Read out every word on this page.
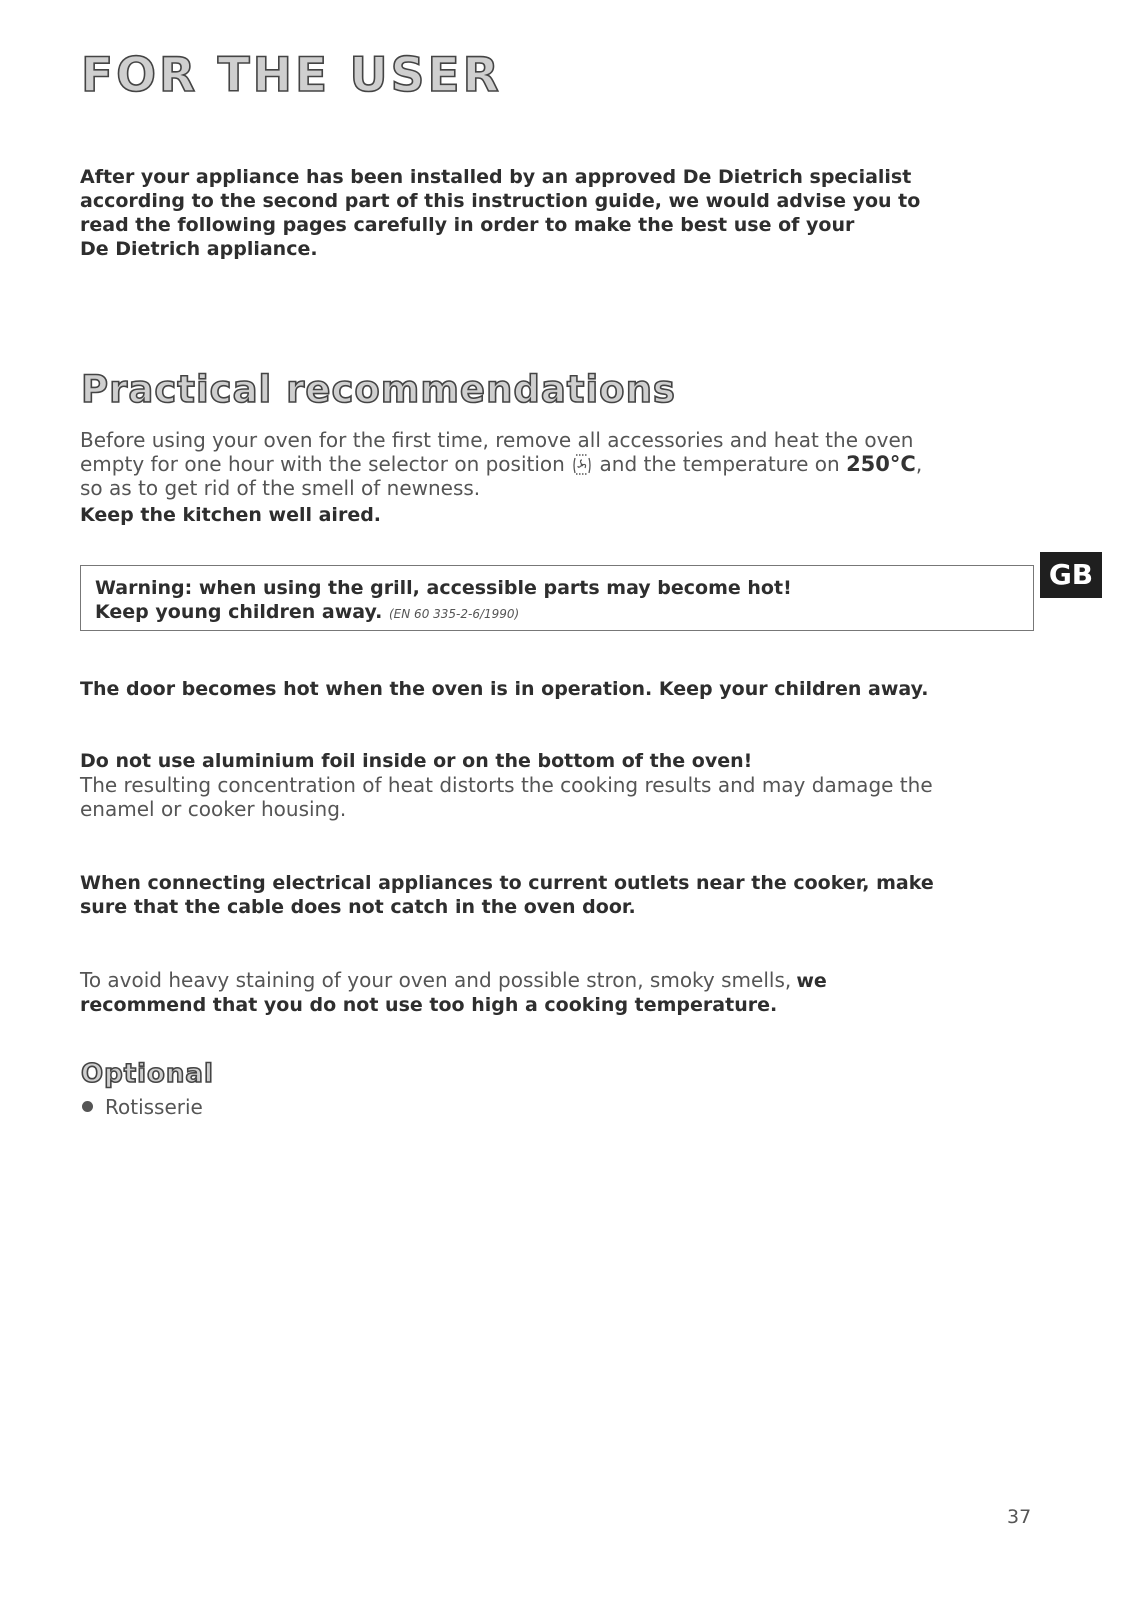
FOR THE USER

After your appliance has been installed by an approved De Dietrich specialist
according to the second part of this instruction guide, we would advise you to
read the following pages carefully in order to make the best use of your
De Dietrich appliance.

Practical recommendations

Before using your oven for the first time, remove all accessories and heat the oven
empty for one hour with the selector on position and the temperature on 250°C,
so as to get rid of the smell of newness.

Keep the kitchen well aired.

Warning: when using the grill, accessible parts may become hot!
Keep young children away. (EN 60 335-2-6/1990)
GB

The door becomes hot when the oven is in operation. Keep your children away.

Do not use aluminium foil inside or on the bottom of the oven!
The resulting concentration of heat distorts the cooking results and may damage the
enamel or cooker housing.

When connecting electrical appliances to current outlets near the cooker, make
sure that the cable does not catch in the oven door.

To avoid heavy staining of your oven and possible stron, smoky smells, we
recommend that you do not use too high a cooking temperature.

Optional
Rotisserie
37
